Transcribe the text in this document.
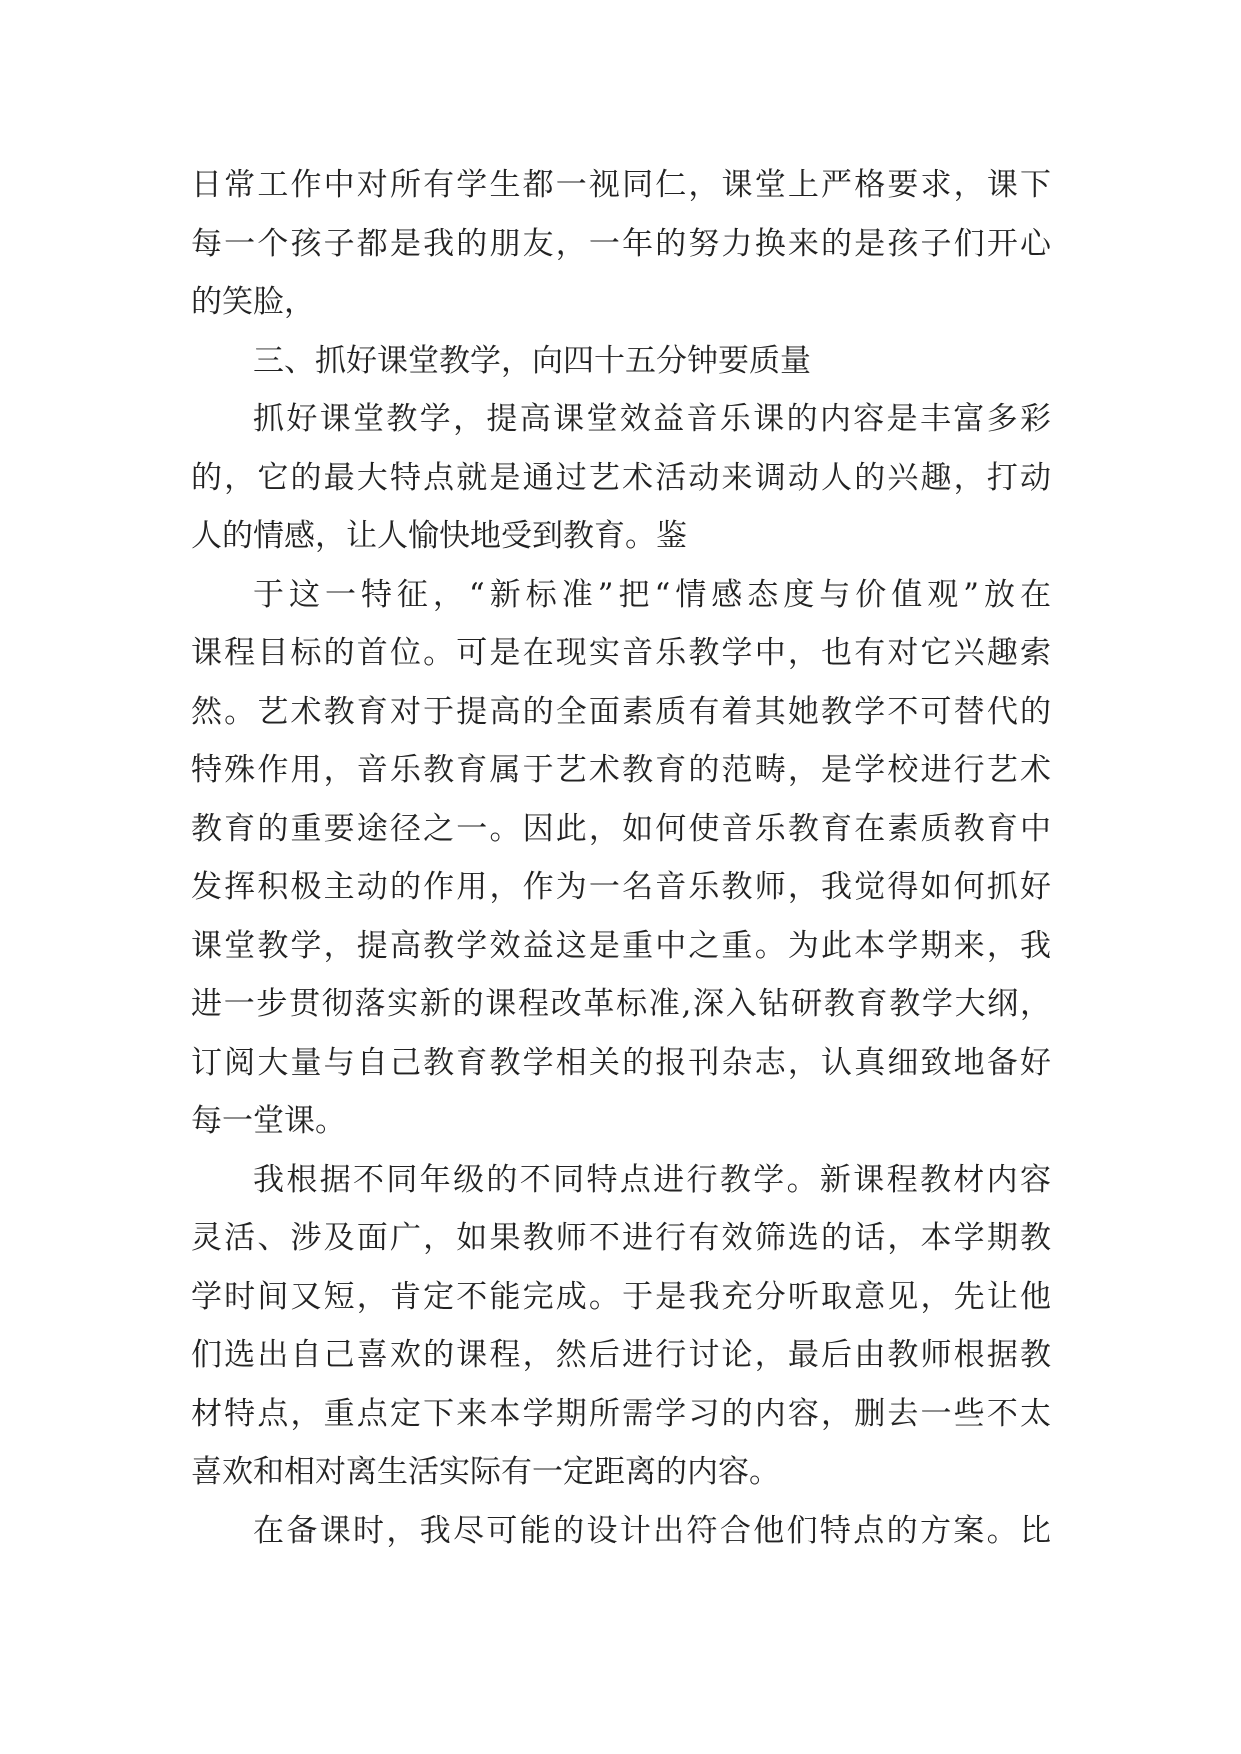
日常工作中对所有学生都一视同仁，课堂上严格要求，课下
每一个孩子都是我的朋友，一年的努力换来的是孩子们开心
的笑脸，
三、抓好课堂教学，向四十五分钟要质量
抓好课堂教学，提高课堂效益音乐课的内容是丰富多彩
的，它的最大特点就是通过艺术活动来调动人的兴趣，打动
人的情感，让人愉快地受到教育。鉴
于这一特征，“新标准”把“情感态度与价值观”放在
课程目标的首位。可是在现实音乐教学中，也有对它兴趣索
然。艺术教育对于提高的全面素质有着其她教学不可替代的
特殊作用，音乐教育属于艺术教育的范畴，是学校进行艺术
教育的重要途径之一。因此，如何使音乐教育在素质教育中
发挥积极主动的作用，作为一名音乐教师，我觉得如何抓好
课堂教学，提高教学效益这是重中之重。为此本学期来，我
进一步贯彻落实新的课程改革标准,深入钻研教育教学大纲，
订阅大量与自己教育教学相关的报刊杂志，认真细致地备好
每一堂课。
我根据不同年级的不同特点进行教学。新课程教材内容
灵活、涉及面广，如果教师不进行有效筛选的话，本学期教
学时间又短，肯定不能完成。于是我充分听取意见，先让他
们选出自己喜欢的课程，然后进行讨论，最后由教师根据教
材特点，重点定下来本学期所需学习的内容，删去一些不太
喜欢和相对离生活实际有一定距离的内容。
在备课时，我尽可能的设计出符合他们特点的方案。比
